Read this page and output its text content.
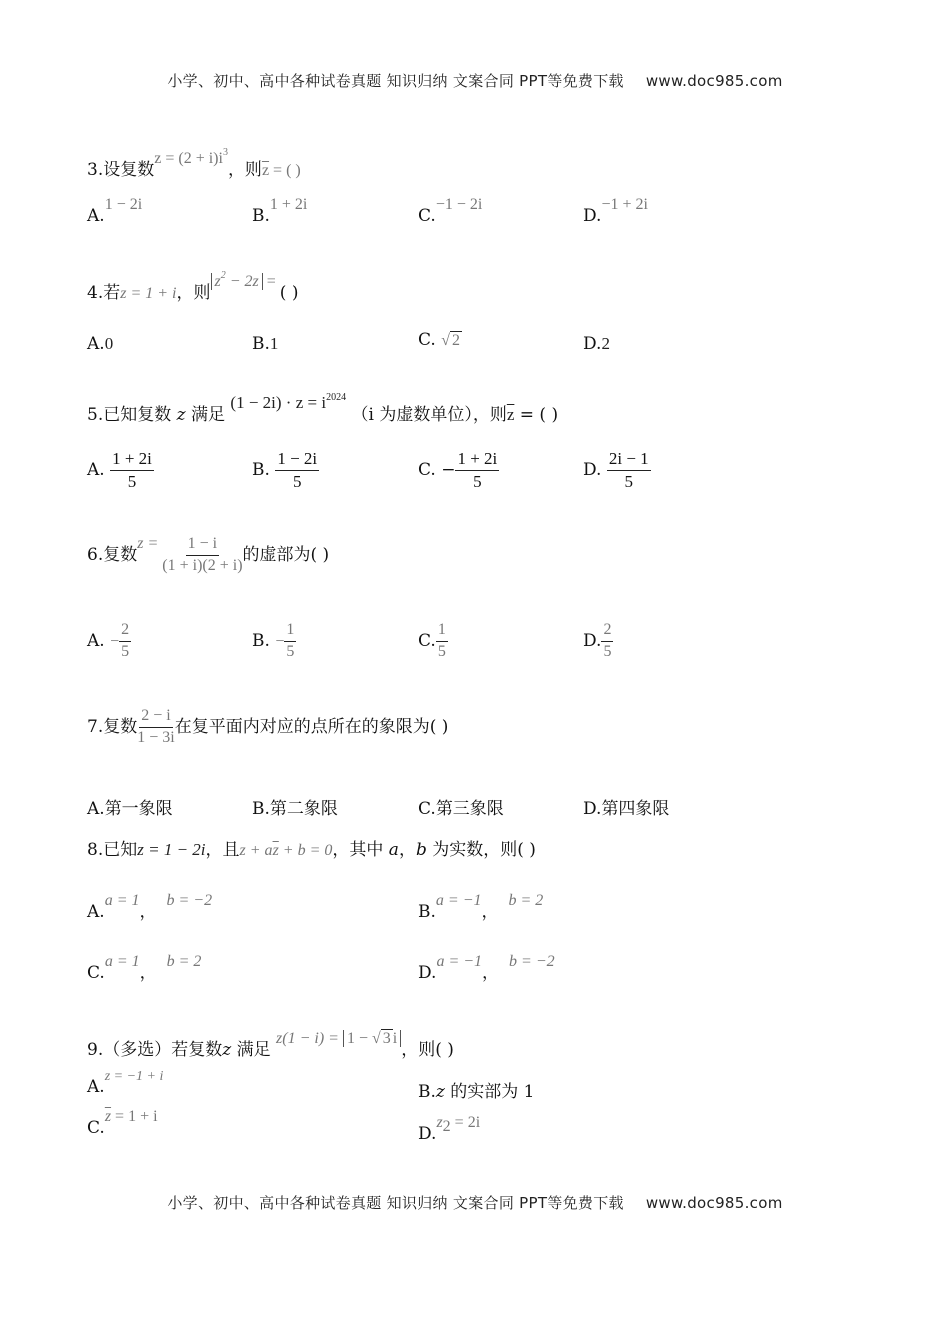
小学、初中、高中各种试卷真题 知识归纳 文案合同 PPT等免费下载 www.doc985.com
3.设复数$z = (2 + i)i^3$，则$\overline{z}$ = ( )
A.1 − 2i
B.1 + 2i
C.−1 − 2i
D.−1 + 2i
4.若z = 1 + i，则$z^2 - 2z$ = ( )
A.0	B.1	C. √ 2	D.2
5.已知复数 z 满足 $(1 - 2i) \cdot z = i^{2024}$ （i 为虚数单位），则$\overline{z}$ = ( )
A. $\frac{1 + 2i}{5}$	B. $\frac{1 - 2i}{5}$	C. − $\frac{1 + 2i}{5}$	D. $\frac{2i - 1}{5}$
6.复数$z = \frac{1 - i}{(1 + i)(2 + i)}$ 的虚部为( )
A. − $\frac{2}{5}$	B. − $\frac{1}{5}$	C. $\frac{1}{5}$	D. $\frac{2}{5}$
7.复数 $\frac{2 - i}{1 - 3i}$ 在复平面内对应的点所在的象限为( )
A.第一象限	B.第二象限	C.第三象限	D.第四象限
8.已知z = 1 − 2i，且$z + a\overline{z} + b = 0$，其中 a，b 为实数，则( )
A.a = 1，b = −2
B.a = −1，b = 2
C.a = 1，b = 2
D.a = −1，b = −2
9.（多选）若复数z 满足 z(1 − i) = 1 − √ 3 i，则( )
A.$^{z = -1 + i}$
B.z 的实部为 1
$C.\overline{z} = 1 + i$
$D.z^2 = 2i$
小学、初中、高中各种试卷真题 知识归纳 文案合同 PPT等免费下载 www.doc985.com
